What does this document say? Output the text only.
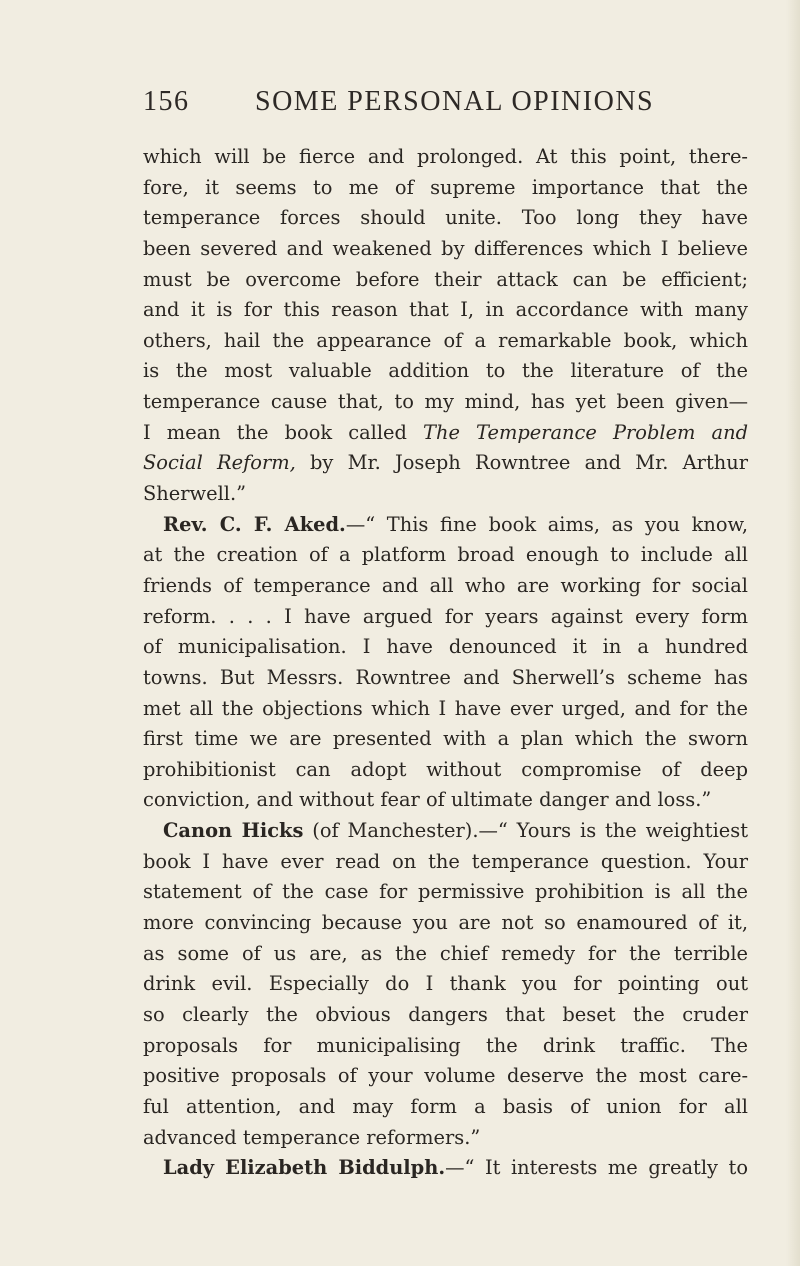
156 SOME PERSONAL OPINIONS
which will be fierce and prolonged. At this point, there-
fore, it seems to me of supreme importance that the
temperance forces should unite. Too long they have
been severed and weakened by differences which I believe
must be overcome before their attack can be efficient;
and it is for this reason that I, in accordance with many
others, hail the appearance of a remarkable book, which
is the most valuable addition to the literature of the
temperance cause that, to my mind, has yet been given—
I mean the book called The Temperance Problem and
Social Reform, by Mr. Joseph Rowntree and Mr. Arthur
Sherwell.”
Rev. C. F. Aked.—“ This fine book aims, as you know,
at the creation of a platform broad enough to include all
friends of temperance and all who are working for social
reform. . . . I have argued for years against every form
of municipalisation. I have denounced it in a hundred
towns. But Messrs. Rowntree and Sherwell’s scheme has
met all the objections which I have ever urged, and for the
first time we are presented with a plan which the sworn
prohibitionist can adopt without compromise of deep
conviction, and without fear of ultimate danger and loss.”
Canon Hicks (of Manchester).—“ Yours is the weightiest
book I have ever read on the temperance question. Your
statement of the case for permissive prohibition is all the
more convincing because you are not so enamoured of it,
as some of us are, as the chief remedy for the terrible
drink evil. Especially do I thank you for pointing out
so clearly the obvious dangers that beset the cruder
proposals for municipalising the drink traffic. The
positive proposals of your volume deserve the most care-
ful attention, and may form a basis of union for all
advanced temperance reformers.”
Lady Elizabeth Biddulph.—“ It interests me greatly to
